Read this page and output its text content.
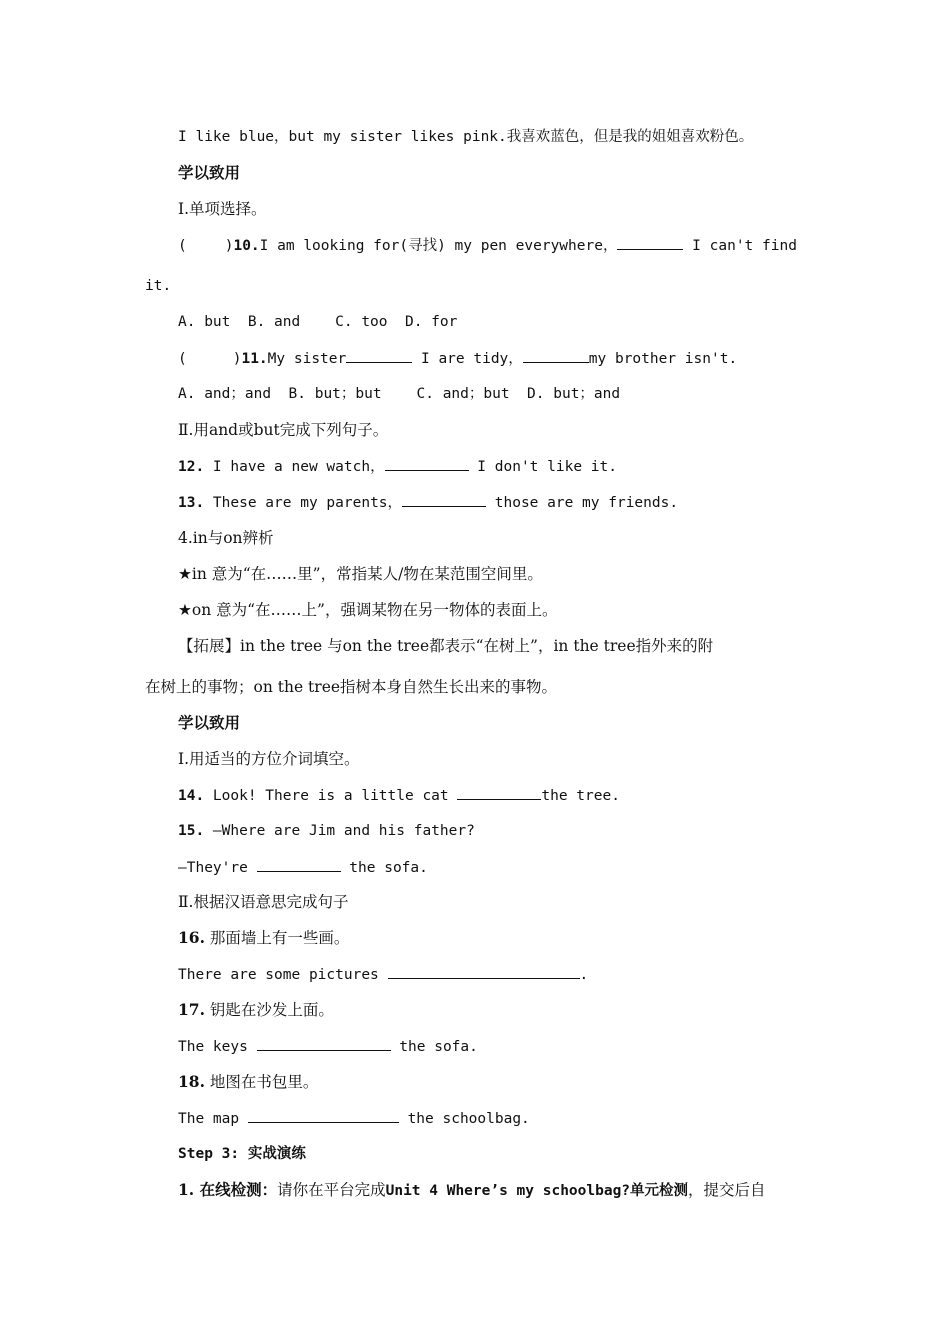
I like blue，but my sister likes pink.我喜欢蓝色，但是我的姐姐喜欢粉色。
学以致用
Ⅰ.单项选择。
(	)10.I am looking for(寻找) my pen everywhere，	I can't find
it.
A. but  B. and    C. too  D. for
(	)11.My sister	I are tidy，	my brother isn't.
A. and；and  B. but；but    C. and；but  D. but；and
Ⅱ.用and或but完成下列句子。
12. I have a new watch，	I don't like it.
13. These are my parents，	those are my friends.
4.in与on辨析
★in 意为“在……里”，常指某人/物在某范围空间里。
★on 意为“在……上”，强调某物在另一物体的表面上。
【拓展】in the tree 与on the tree都表示“在树上”，in the tree指外来的附
在树上的事物；on the tree指树本身自然生长出来的事物。
学以致用
Ⅰ.用适当的方位介词填空。
14. Look! There is a little cat	the tree.
15. —Where are Jim and his father?
—They're	the sofa.
Ⅱ.根据汉语意思完成句子
16. 那面墙上有一些画。
There are some pictures	.
17. 钥匙在沙发上面。
The keys	the sofa.
18. 地图在书包里。
The map	the schoolbag.
Step 3: 实战演练
1. 在线检测：请你在平台完成Unit 4 Where’s my schoolbag?单元检测，提交后自
